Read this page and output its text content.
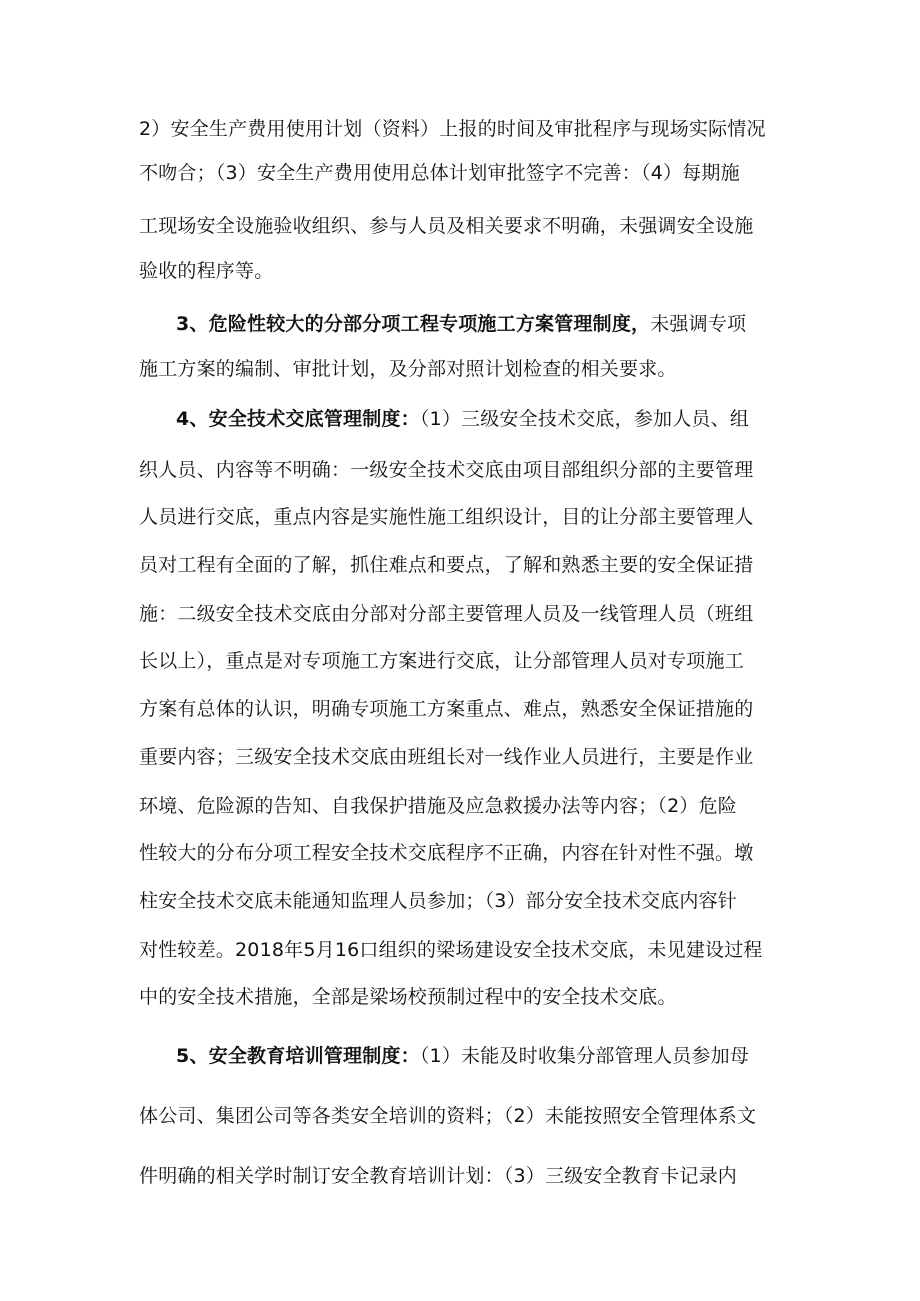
2）安全生产费用使用计划（资料）上报的时间及审批程序与现场实际情况
不吻合；（3）安全生产费用使用总体计划审批签字不完善：（4）每期施
工现场安全设施验收组织、参与人员及相关要求不明确，未强调安全设施
验收的程序等。
3、危险性较大的分部分项工程专项施工方案管理制度，未强调专项
施工方案的编制、审批计划，及分部对照计划检查的相关要求。
4、安全技术交底管理制度：（1）三级安全技术交底，参加人员、组
织人员、内容等不明确：一级安全技术交底由项目部组织分部的主要管理
人员进行交底，重点内容是实施性施工组织设计，目的让分部主要管理人
员对工程有全面的了解，抓住难点和要点，了解和熟悉主要的安全保证措
施：二级安全技术交底由分部对分部主要管理人员及一线管理人员（班组
长以上），重点是对专项施工方案进行交底，让分部管理人员对专项施工
方案有总体的认识，明确专项施工方案重点、难点，熟悉安全保证措施的
重要内容；三级安全技术交底由班组长对一线作业人员进行，主要是作业
环境、危险源的告知、自我保护措施及应急救援办法等内容；（2）危险
性较大的分布分项工程安全技术交底程序不正确，内容在针对性不强。墩
柱安全技术交底未能通知监理人员参加；（3）部分安全技术交底内容针
对性较差。2018年5月16口组织的梁场建设安全技术交底，未见建设过程
中的安全技术措施，全部是梁场校预制过程中的安全技术交底。
5、安全教育培训管理制度：（1）未能及时收集分部管理人员参加母
体公司、集团公司等各类安全培训的资料；（2）未能按照安全管理体系文
件明确的相关学时制订安全教育培训计划：（3）三级安全教育卡记录内
